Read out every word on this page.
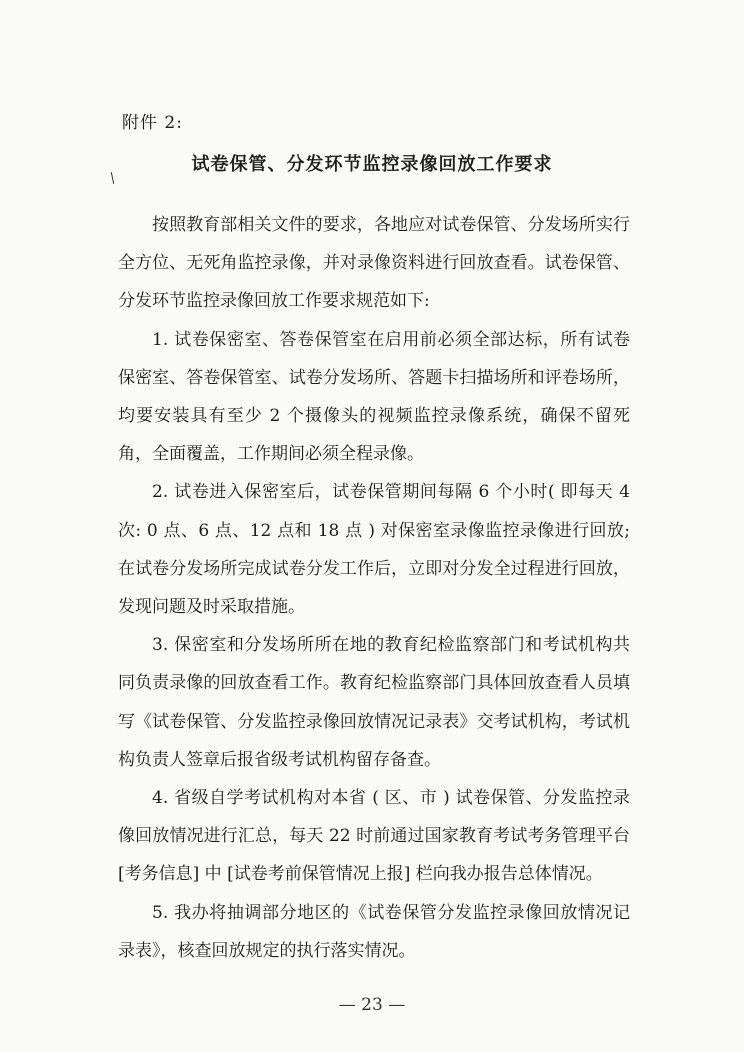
附件 2:
试卷保管、分发环节监控录像回放工作要求

按照教育部相关文件的要求，各地应对试卷保管、分发场所实行全方位、无死角监控录像，并对录像资料进行回放查看。试卷保管、分发环节监控录像回放工作要求规范如下:

1. 试卷保密室、答卷保管室在启用前必须全部达标，所有试卷保密室、答卷保管室、试卷分发场所、答题卡扫描场所和评卷场所，均要安装具有至少 2 个摄像头的视频监控录像系统，确保不留死角，全面覆盖，工作期间必须全程录像。

2. 试卷进入保密室后，试卷保管期间每隔 6 个小时( 即每天 4 次: 0 点、6 点、12 点和 18 点 ) 对保密室录像监控录像进行回放; 在试卷分发场所完成试卷分发工作后，立即对分发全过程进行回放，发现问题及时采取措施。

3. 保密室和分发场所所在地的教育纪检监察部门和考试机构共同负责录像的回放查看工作。教育纪检监察部门具体回放查看人员填写《试卷保管、分发监控录像回放情况记录表》交考试机构，考试机构负责人签章后报省级考试机构留存备查。

4. 省级自学考试机构对本省 ( 区、市 ) 试卷保管、分发监控录像回放情况进行汇总，每天 22 时前通过国家教育考试考务管理平台 [考务信息] 中 [试卷考前保管情况上报] 栏向我办报告总体情况。

5. 我办将抽调部分地区的《试卷保管分发监控录像回放情况记录表》，核查回放规定的执行落实情况。

— 23 —
